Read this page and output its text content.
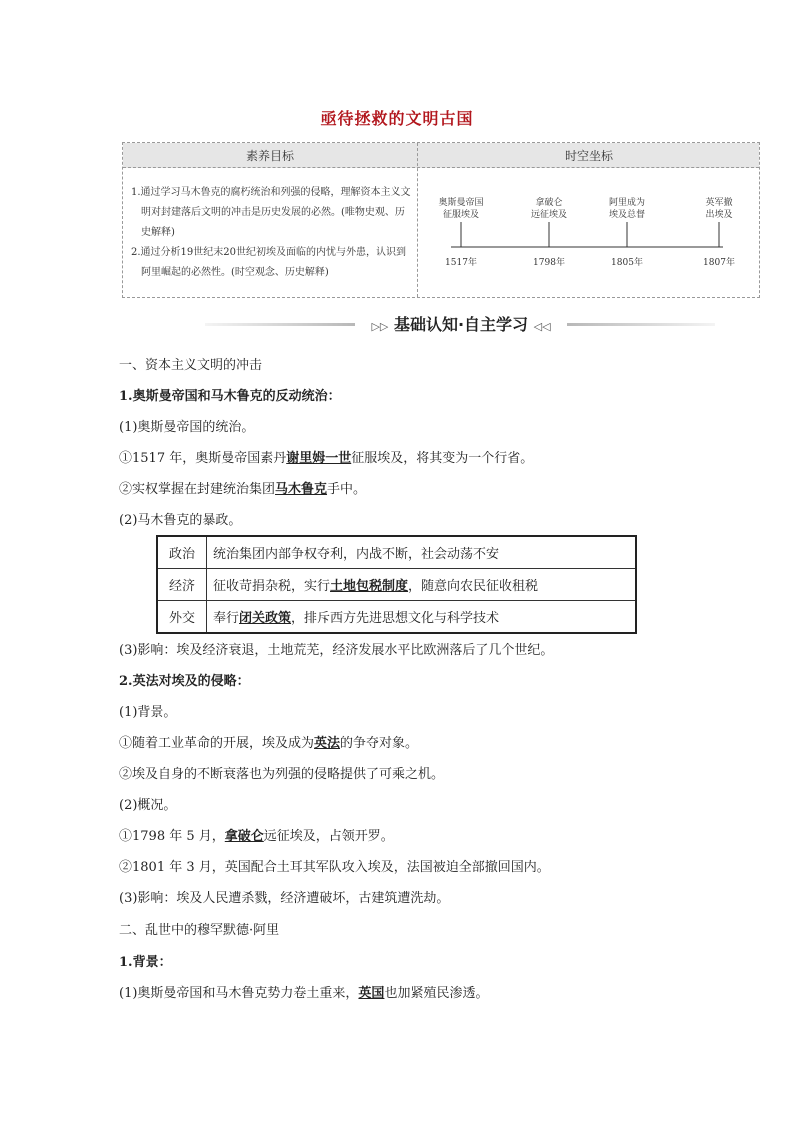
亟待拯救的文明古国
素养目标	时空坐标

1.通过学习马木鲁克的腐朽统治和列强的侵略，理解资本主义文明对封建落后文明的冲击是历史发展的必然。(唯物史观、历史解释)

2.通过分析19世纪末20世纪初埃及面临的内忧与外患，认识到阿里崛起的必然性。(时空观念、历史解释)

奥斯曼帝国
征服埃及
1517年
拿破仑
远征埃及
1798年
阿里成为
埃及总督
1805年
英军撤
出埃及
1807年
▷▷ 基础认知·自主学习 ◁◁
一、资本主义文明的冲击
1.奥斯曼帝国和马木鲁克的反动统治：
(1)奥斯曼帝国的统治。
①1517 年，奥斯曼帝国素丹谢里姆一世征服埃及，将其变为一个行省。
②实权掌握在封建统治集团马木鲁克手中。
(2)马木鲁克的暴政。
政治	统治集团内部争权夺利，内战不断，社会动荡不安
经济	征收苛捐杂税，实行土地包税制度，随意向农民征收租税
外交	奉行闭关政策，排斥西方先进思想文化与科学技术
(3)影响：埃及经济衰退，土地荒芜，经济发展水平比欧洲落后了几个世纪。
2.英法对埃及的侵略：
(1)背景。
①随着工业革命的开展，埃及成为英法的争夺对象。
②埃及自身的不断衰落也为列强的侵略提供了可乘之机。
(2)概况。
①1798 年 5 月，拿破仑远征埃及，占领开罗。
②1801 年 3 月，英国配合土耳其军队攻入埃及，法国被迫全部撤回国内。
(3)影响：埃及人民遭杀戮，经济遭破坏，古建筑遭洗劫。
二、乱世中的穆罕默德·阿里
1.背景：
(1)奥斯曼帝国和马木鲁克势力卷土重来，英国也加紧殖民渗透。
